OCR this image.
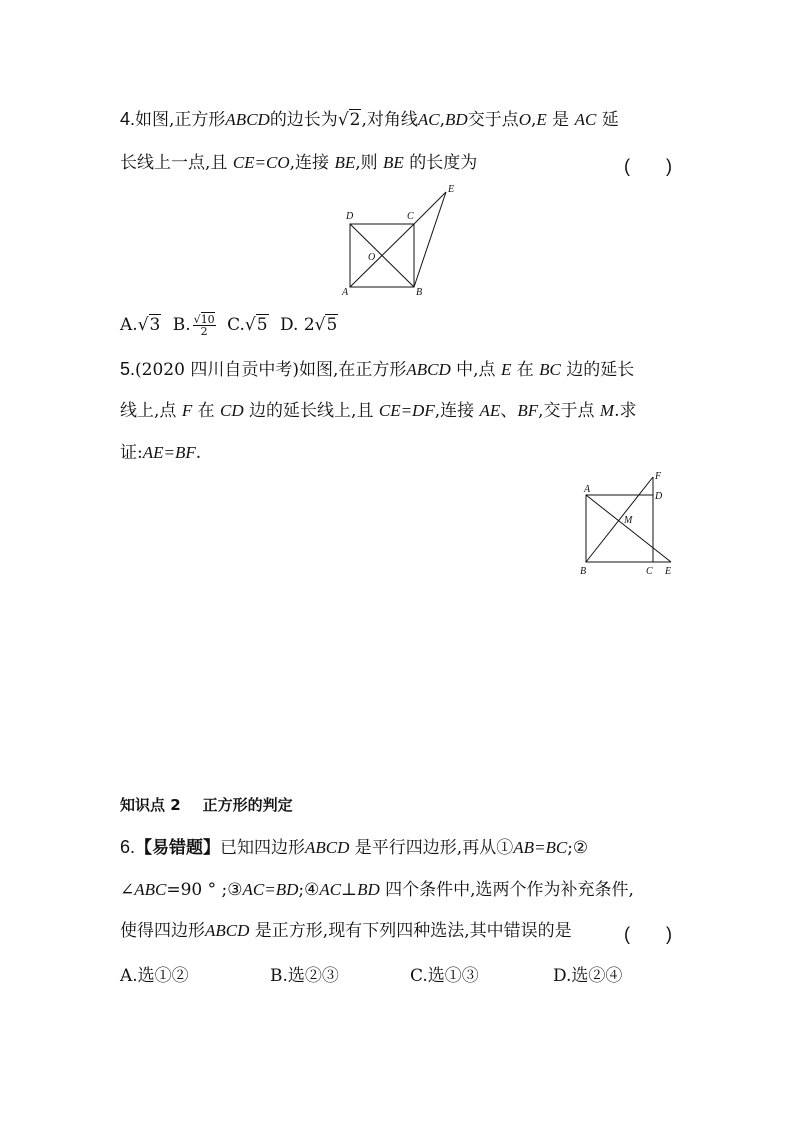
4.如图,正方形ABCD的边长为√2,对角线AC,BD交于点O,E 是 AC 延
长线上一点,且 CE=CO,连接 BE,则 BE 的长度为	(　　)
D	C
E
O
A	B
A.√3 B. $\frac{√10}{2} C.√5$ D. 2√5
5.(2020 四川自贡中考)如图,在正方形ABCD 中,点 E 在 BC 边的延长
线上,点 F 在 CD 边的延长线上,且 CE=DF,连接 AE、BF,交于点 M.求
证:AE=BF.
A
F
D
M
B	C E
知识点 2 正方形的判定
6.【易错题】已知四边形ABCD 是平行四边形,再从①AB=BC;②
∠ABC=90 ° ;③AC=BD;④AC⊥BD 四个条件中,选两个作为补充条件,
使得四边形ABCD 是正方形,现有下列四种选法,其中错误的是	(　　)
A.选①②	B.选②③	C.选①③	D.选②④
